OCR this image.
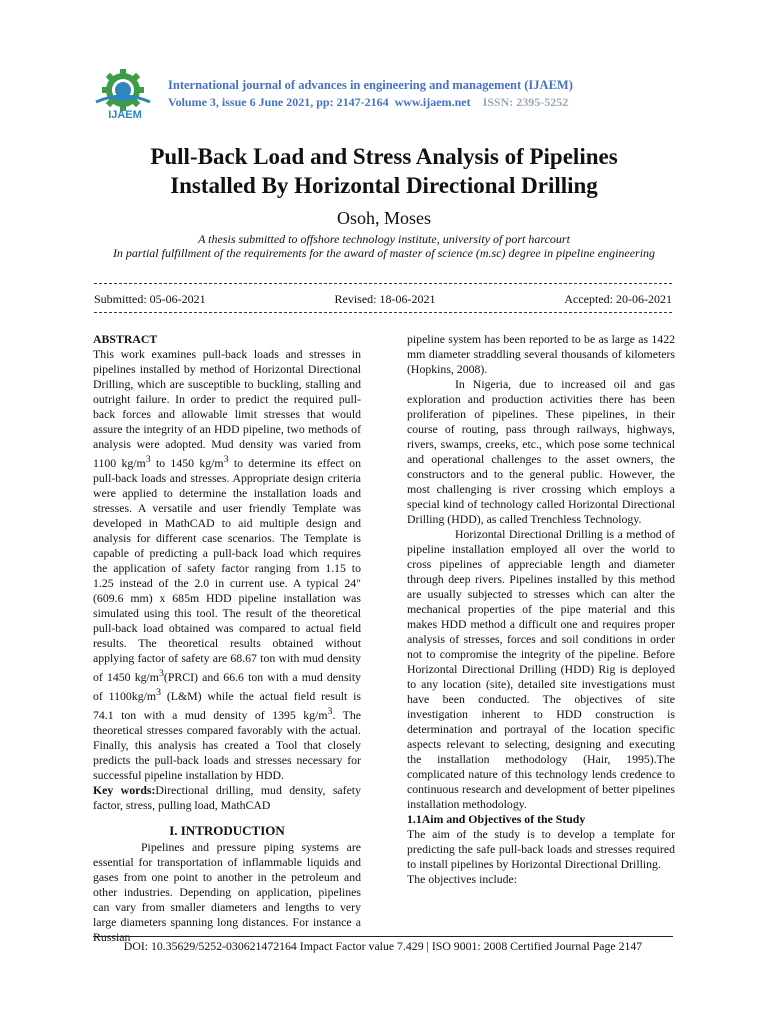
IJAEM
International journal of advances in engineering and management (IJAEM)
Volume 3, issue 6 June 2021, pp: 2147-2164 www.ijaem.net ISSN: 2395-5252
Pull-Back Load and Stress Analysis of Pipelines
Installed By Horizontal Directional Drilling
Osoh, Moses
A thesis submitted to offshore technology institute, university of port harcourt
In partial fulfillment of the requirements for the award of master of science (m.sc) degree in pipeline engineering
Submitted: 05-06-2021	Revised: 18-06-2021	Accepted: 20-06-2021

ABSTRACT

This work examines pull-back loads and stresses in pipelines installed by method of Horizontal Directional Drilling, which are susceptible to buckling, stalling and outright failure. In order to predict the required pull-back forces and allowable limit stresses that would assure the integrity of an HDD pipeline, two methods of analysis were adopted. Mud density was varied from 1100 $kg/m^3$ to 1450 $kg/m^3$ to determine its effect on pull-back loads and stresses. Appropriate design criteria were applied to determine the installation loads and stresses. A versatile and user friendly Template was developed in MathCAD to aid multiple design and analysis for different case scenarios. The Template is capable of predicting a pull-back load which requires the application of safety factor ranging from 1.15 to 1.25 instead of the 2.0 in current use. A typical 24" (609.6 mm) x 685m HDD pipeline installation was simulated using this tool. The result of the theoretical pull-back load obtained was compared to actual field results. The theoretical results obtained without applying factor of safety are 68.67 ton with mud density of 1450 $kg/m^3(PRCI)$ and 66.6 ton with a mud density of $1100kg/m^3$ (L&M) while the actual field result is 74.1 ton with a mud density of 1395 $kg/m^3$. The theoretical stresses compared favorably with the actual. Finally, this analysis has created a Tool that closely predicts the pull-back loads and stresses necessary for successful pipeline installation by HDD.

Key words:Directional drilling, mud density, safety factor, stress, pulling load, MathCAD

I. INTRODUCTION

Pipelines and pressure piping systems are essential for transportation of inflammable liquids and gases from one point to another in the petroleum and other industries. Depending on application, pipelines can vary from smaller diameters and lengths to very large diameters spanning long distances. For instance a Russian

pipeline system has been reported to be as large as 1422 mm diameter straddling several thousands of kilometers (Hopkins, 2008).

In Nigeria, due to increased oil and gas exploration and production activities there has been proliferation of pipelines. These pipelines, in their course of routing, pass through railways, highways, rivers, swamps, creeks, etc., which pose some technical and operational challenges to the asset owners, the constructors and to the general public. However, the most challenging is river crossing which employs a special kind of technology called Horizontal Directional Drilling (HDD), as called Trenchless Technology.

Horizontal Directional Drilling is a method of pipeline installation employed all over the world to cross pipelines of appreciable length and diameter through deep rivers. Pipelines installed by this method are usually subjected to stresses which can alter the mechanical properties of the pipe material and this makes HDD method a difficult one and requires proper analysis of stresses, forces and soil conditions in order not to compromise the integrity of the pipeline. Before Horizontal Directional Drilling (HDD) Rig is deployed to any location (site), detailed site investigations must have been conducted. The objectives of site investigation inherent to HDD construction is determination and portrayal of the location specific aspects relevant to selecting, designing and executing the installation methodology (Hair, 1995).The complicated nature of this technology lends credence to continuous research and development of better pipelines installation methodology.

1.1Aim and Objectives of the Study

The aim of the study is to develop a template for predicting the safe pull-back loads and stresses required to install pipelines by Horizontal Directional Drilling.

The objectives include:

DOI: 10.35629/5252-030621472164 Impact Factor value 7.429 | ISO 9001: 2008 Certified Journal Page 2147
